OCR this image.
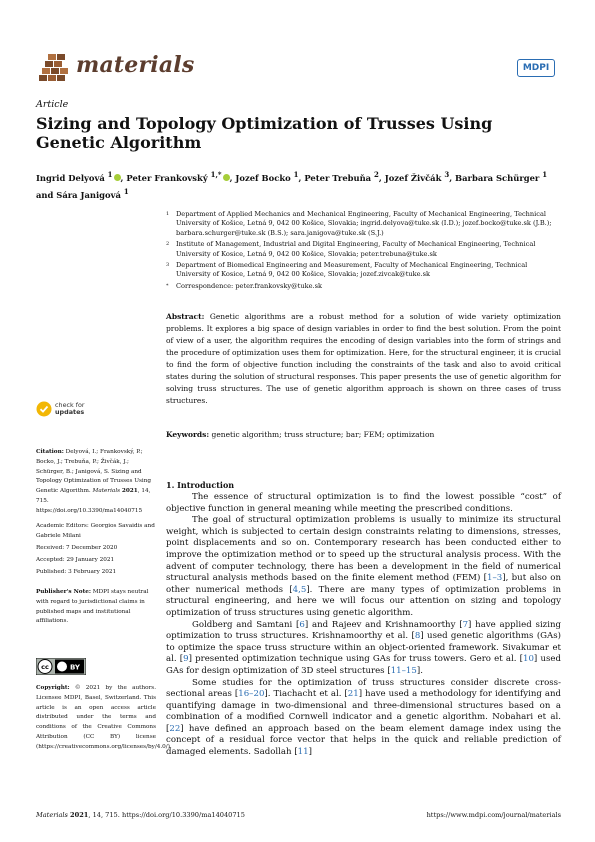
materials	MDPI
Article
Sizing and Topology Optimization of Trusses Using Genetic Algorithm
Ingrid Delyová $^1$ , Peter Frankovský $^{1,*}$ , Jozef Bocko $^1$, Peter Trebuňa $^2$, Jozef Živčák $^3$, Barbara Schürger $^1$
and Sára Janigová $^1$
1	Department of Applied Mechanics and Mechanical Engineering, Faculty of Mechanical Engineering, Technical University of Košice, Letná 9, 042 00 Košice, Slovakia; ingrid.delyova@tuke.sk (I.D.); jozef.bocko@tuke.sk (J.B.); barbara.schurger@tuke.sk (B.S.); sara.janigova@tuke.sk (S.J.)
2	Institute of Management, Industrial and Digital Engineering, Faculty of Mechanical Engineering, Technical University of Kosice, Letná 9, 042 00 Košice, Slovakia; peter.trebuna@tuke.sk
3	Department of Biomedical Engineering and Measurement, Faculty of Mechanical Engineering, Technical University of Kosice, Letná 9, 042 00 Košice, Slovakia; jozef.zivcak@tuke.sk
*	Correspondence: peter.frankovsky@tuke.sk
Abstract: Genetic algorithms are a robust method for a solution of wide variety optimization problems. It explores a big space of design variables in order to find the best solution. From the point of view of a user, the algorithm requires the encoding of design variables into the form of strings and the procedure of optimization uses them for optimization. Here, for the structural engineer, it is crucial to find the form of objective function including the constraints of the task and also to avoid critical states during the solution of structural responses. This paper presents the use of genetic algorithm for solving truss structures. The use of genetic algorithm approach is shown on three cases of truss structures.
Keywords: genetic algorithm; truss structure; bar; FEM; optimization
check for
updates
Citation: Delyová, I.; Frankovský, P.; Bocko, J.; Trebuňa, P.; Živčák, J.; Schürger, B.; Janigová, S. Sizing and Topology Optimization of Trusses Using Genetic Algorithm. Materials 2021, 14, 715. https://doi.org/10.3390/ma14040715
Academic Editors: Georgios Savaidis and Gabriele Milani
Received: 7 December 2020
Accepted: 29 January 2021
Published: 3 February 2021
Publisher's Note: MDPI stays neutral with regard to jurisdictional claims in published maps and institutional affiliations.
cc	BY
Copyright: © 2021 by the authors. Licensee MDPI, Basel, Switzerland. This article is an open access article distributed under the terms and conditions of the Creative Commons Attribution (CC BY) license (https://creativecommons.org/licenses/by/4.0/).
1. Introduction

The essence of structural optimization is to find the lowest possible “cost” of objective function in general meaning while meeting the prescribed conditions.

The goal of structural optimization problems is usually to minimize its structural weight, which is subjected to certain design constraints relating to dimensions, stresses, point displacements and so on. Contemporary research has been conducted either to improve the optimization method or to speed up the structural analysis process. With the advent of computer technology, there has been a development in the field of numerical structural analysis methods based on the finite element method (FEM) [1–3], but also on other numerical methods [4,5]. There are many types of optimization problems in structural engineering, and here we will focus our attention on sizing and topology optimization of truss structures using genetic algorithm.

Goldberg and Samtani [6] and Rajeev and Krishnamoorthy [7] have applied sizing optimization to truss structures. Krishnamoorthy et al. [8] used genetic algorithms (GAs) to optimize the space truss structure within an object-oriented framework. Sivakumar et al. [9] presented optimization technique using GAs for truss towers. Gero et al. [10] used GAs for design optimization of 3D steel structures [11–15].

Some studies for the optimization of truss structures consider discrete cross-sectional areas [16–20]. Tiachacht et al. [21] have used a methodology for identifying and quantifying damage in two-dimensional and three-dimensional structures based on a combination of a modified Cornwell indicator and a genetic algorithm. Nobahari et al. [22] have defined an approach based on the beam element damage index using the concept of a residual force vector that helps in the quick and reliable prediction of damaged elements. Sadollah [11]

Materials 2021, 14, 715. https://doi.org/10.3390/ma14040715	https://www.mdpi.com/journal/materials
